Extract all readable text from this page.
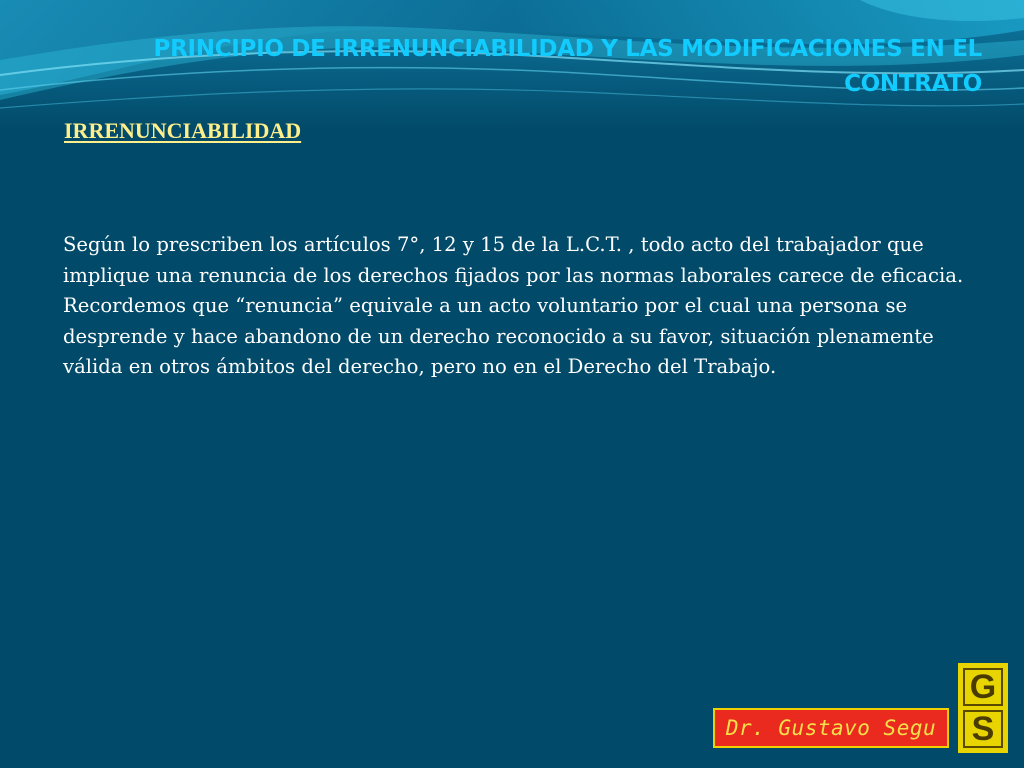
PRINCIPIO DE IRRENUNCIABILIDAD Y LAS MODIFICACIONES EN EL CONTRATO
IRRENUNCIABILIDAD
Según lo prescriben los artículos 7°, 12 y 15 de la L.C.T. , todo acto del trabajador que implique una renuncia de los derechos fijados por las normas laborales carece de eficacia. Recordemos que “renuncia” equivale a un acto voluntario por el cual una persona se desprende y hace abandono de un derecho reconocido a su favor, situación plenamente válida en otros ámbitos del derecho, pero no en el Derecho del Trabajo.
Dr. Gustavo Segu
G
S
